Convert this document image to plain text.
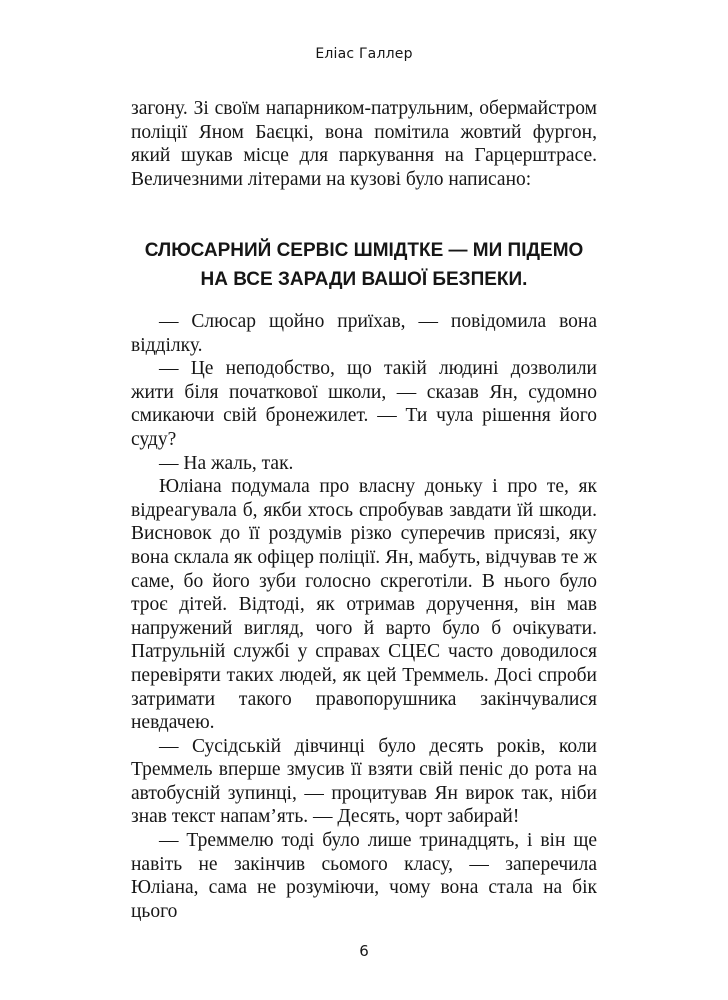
Еліас Галлер

загону. Зі своїм напарником-патрульним, обермайстром поліції Яном Баєцкі, вона помітила жовтий фургон, який шукав місце для паркування на Гарцерштрасе. Величезними літерами на кузові було написано:

СЛЮСАРНИЙ СЕРВІС ШМІДТКЕ — МИ ПІДЕМО
НА ВСЕ ЗАРАДИ ВАШОЇ БЕЗПЕКИ.

— Слюсар щойно приїхав, — повідомила вона відділку.

— Це неподобство, що такій людині дозволили жити біля початкової школи, — сказав Ян, судомно смикаючи свій бронежилет. — Ти чула рішення його суду?

— На жаль, так.

Юліана подумала про власну доньку і про те, як відреагувала б, якби хтось спробував завдати їй шкоди. Висновок до її роздумів різко суперечив присязі, яку вона склала як офіцер поліції. Ян, мабуть, відчував те ж саме, бо його зуби голосно скреготіли. В нього було троє дітей. Відтоді, як отримав доручення, він мав напружений вигляд, чого й варто було б очікувати. Патрульній службі у справах СЦЕС часто доводилося перевіряти таких людей, як цей Треммель. Досі спроби затримати такого правопорушника закінчувалися невдачею.

— Сусідській дівчинці було десять років, коли Треммель вперше змусив її взяти свій пеніс до рота на автобусній зупинці, — процитував Ян вирок так, ніби знав текст напам’ять. — Десять, чорт забирай!

— Треммелю тоді було лише тринадцять, і він ще навіть не закінчив сьомого класу, — заперечила Юліана, сама не розуміючи, чому вона стала на бік цього

6
